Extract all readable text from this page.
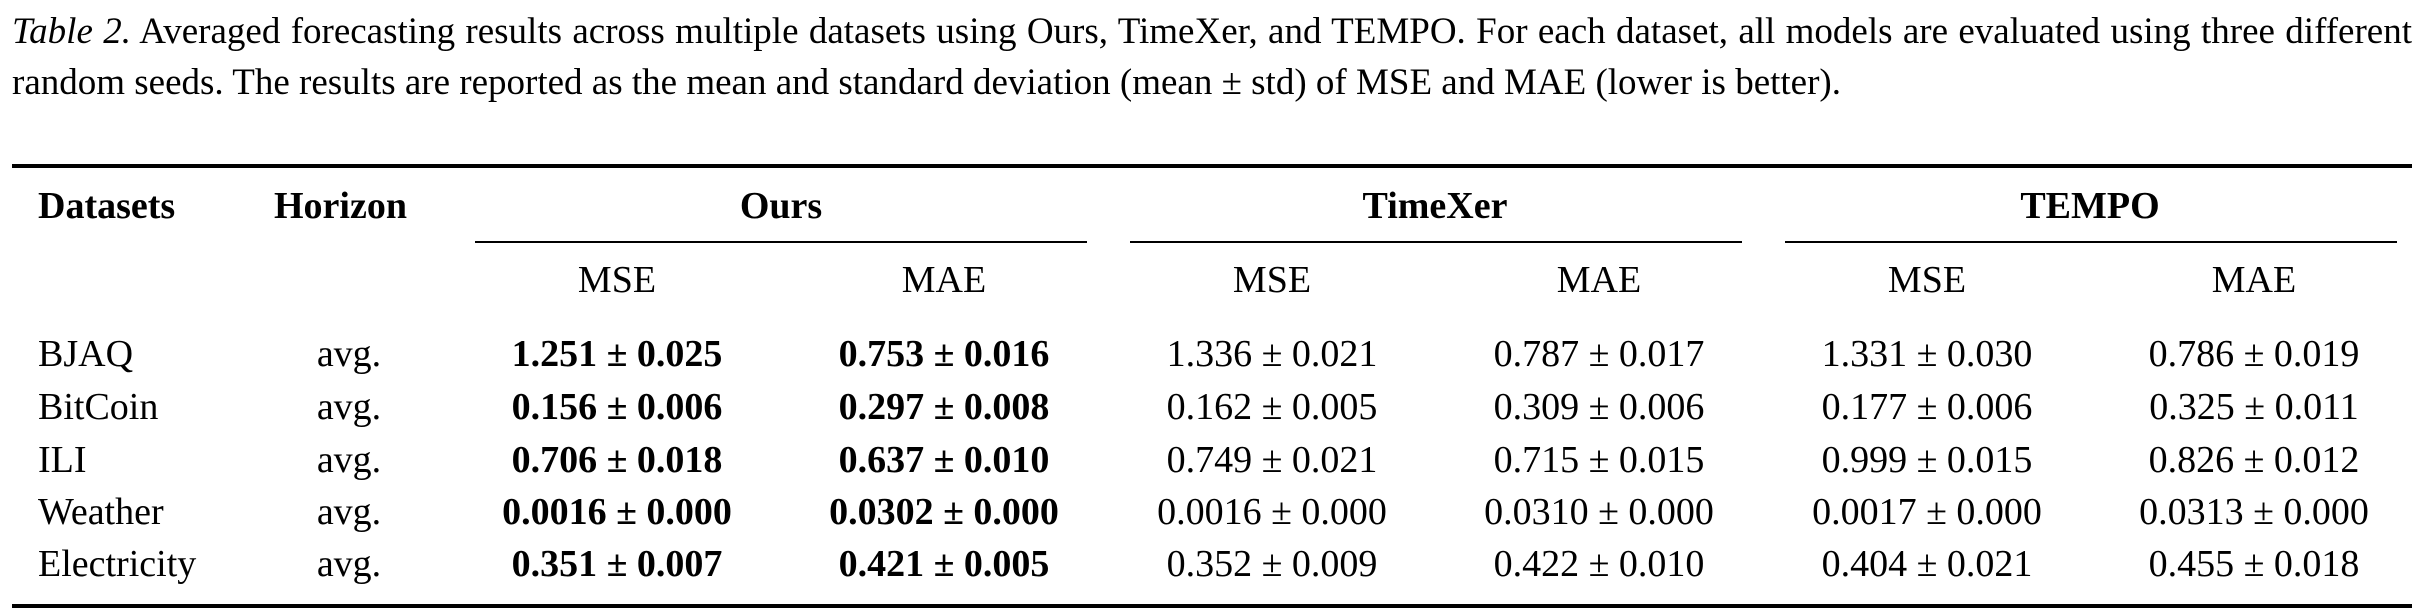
Table 2. Averaged forecasting results across multiple datasets using Ours, TimeXer, and TEMPO. For each dataset, all models are evaluated using three different random seeds. The results are reported as the mean and standard deviation (mean ± std) of MSE and MAE (lower is better).
Datasets	Horizon	Ours	TimeXer	TEMPO
MSE	MAE	MSE	MAE	MSE	MAE
BJAQ	avg.	1.251 ± 0.025	0.753 ± 0.016	1.336 ± 0.021	0.787 ± 0.017	1.331 ± 0.030	0.786 ± 0.019
BitCoin	avg.	0.156 ± 0.006	0.297 ± 0.008	0.162 ± 0.005	0.309 ± 0.006	0.177 ± 0.006	0.325 ± 0.011
ILI	avg.	0.706 ± 0.018	0.637 ± 0.010	0.749 ± 0.021	0.715 ± 0.015	0.999 ± 0.015	0.826 ± 0.012
Weather	avg.	0.0016 ± 0.000	0.0302 ± 0.000	0.0016 ± 0.000	0.0310 ± 0.000	0.0017 ± 0.000	0.0313 ± 0.000
Electricity	avg.	0.351 ± 0.007	0.421 ± 0.005	0.352 ± 0.009	0.422 ± 0.010	0.404 ± 0.021	0.455 ± 0.018
